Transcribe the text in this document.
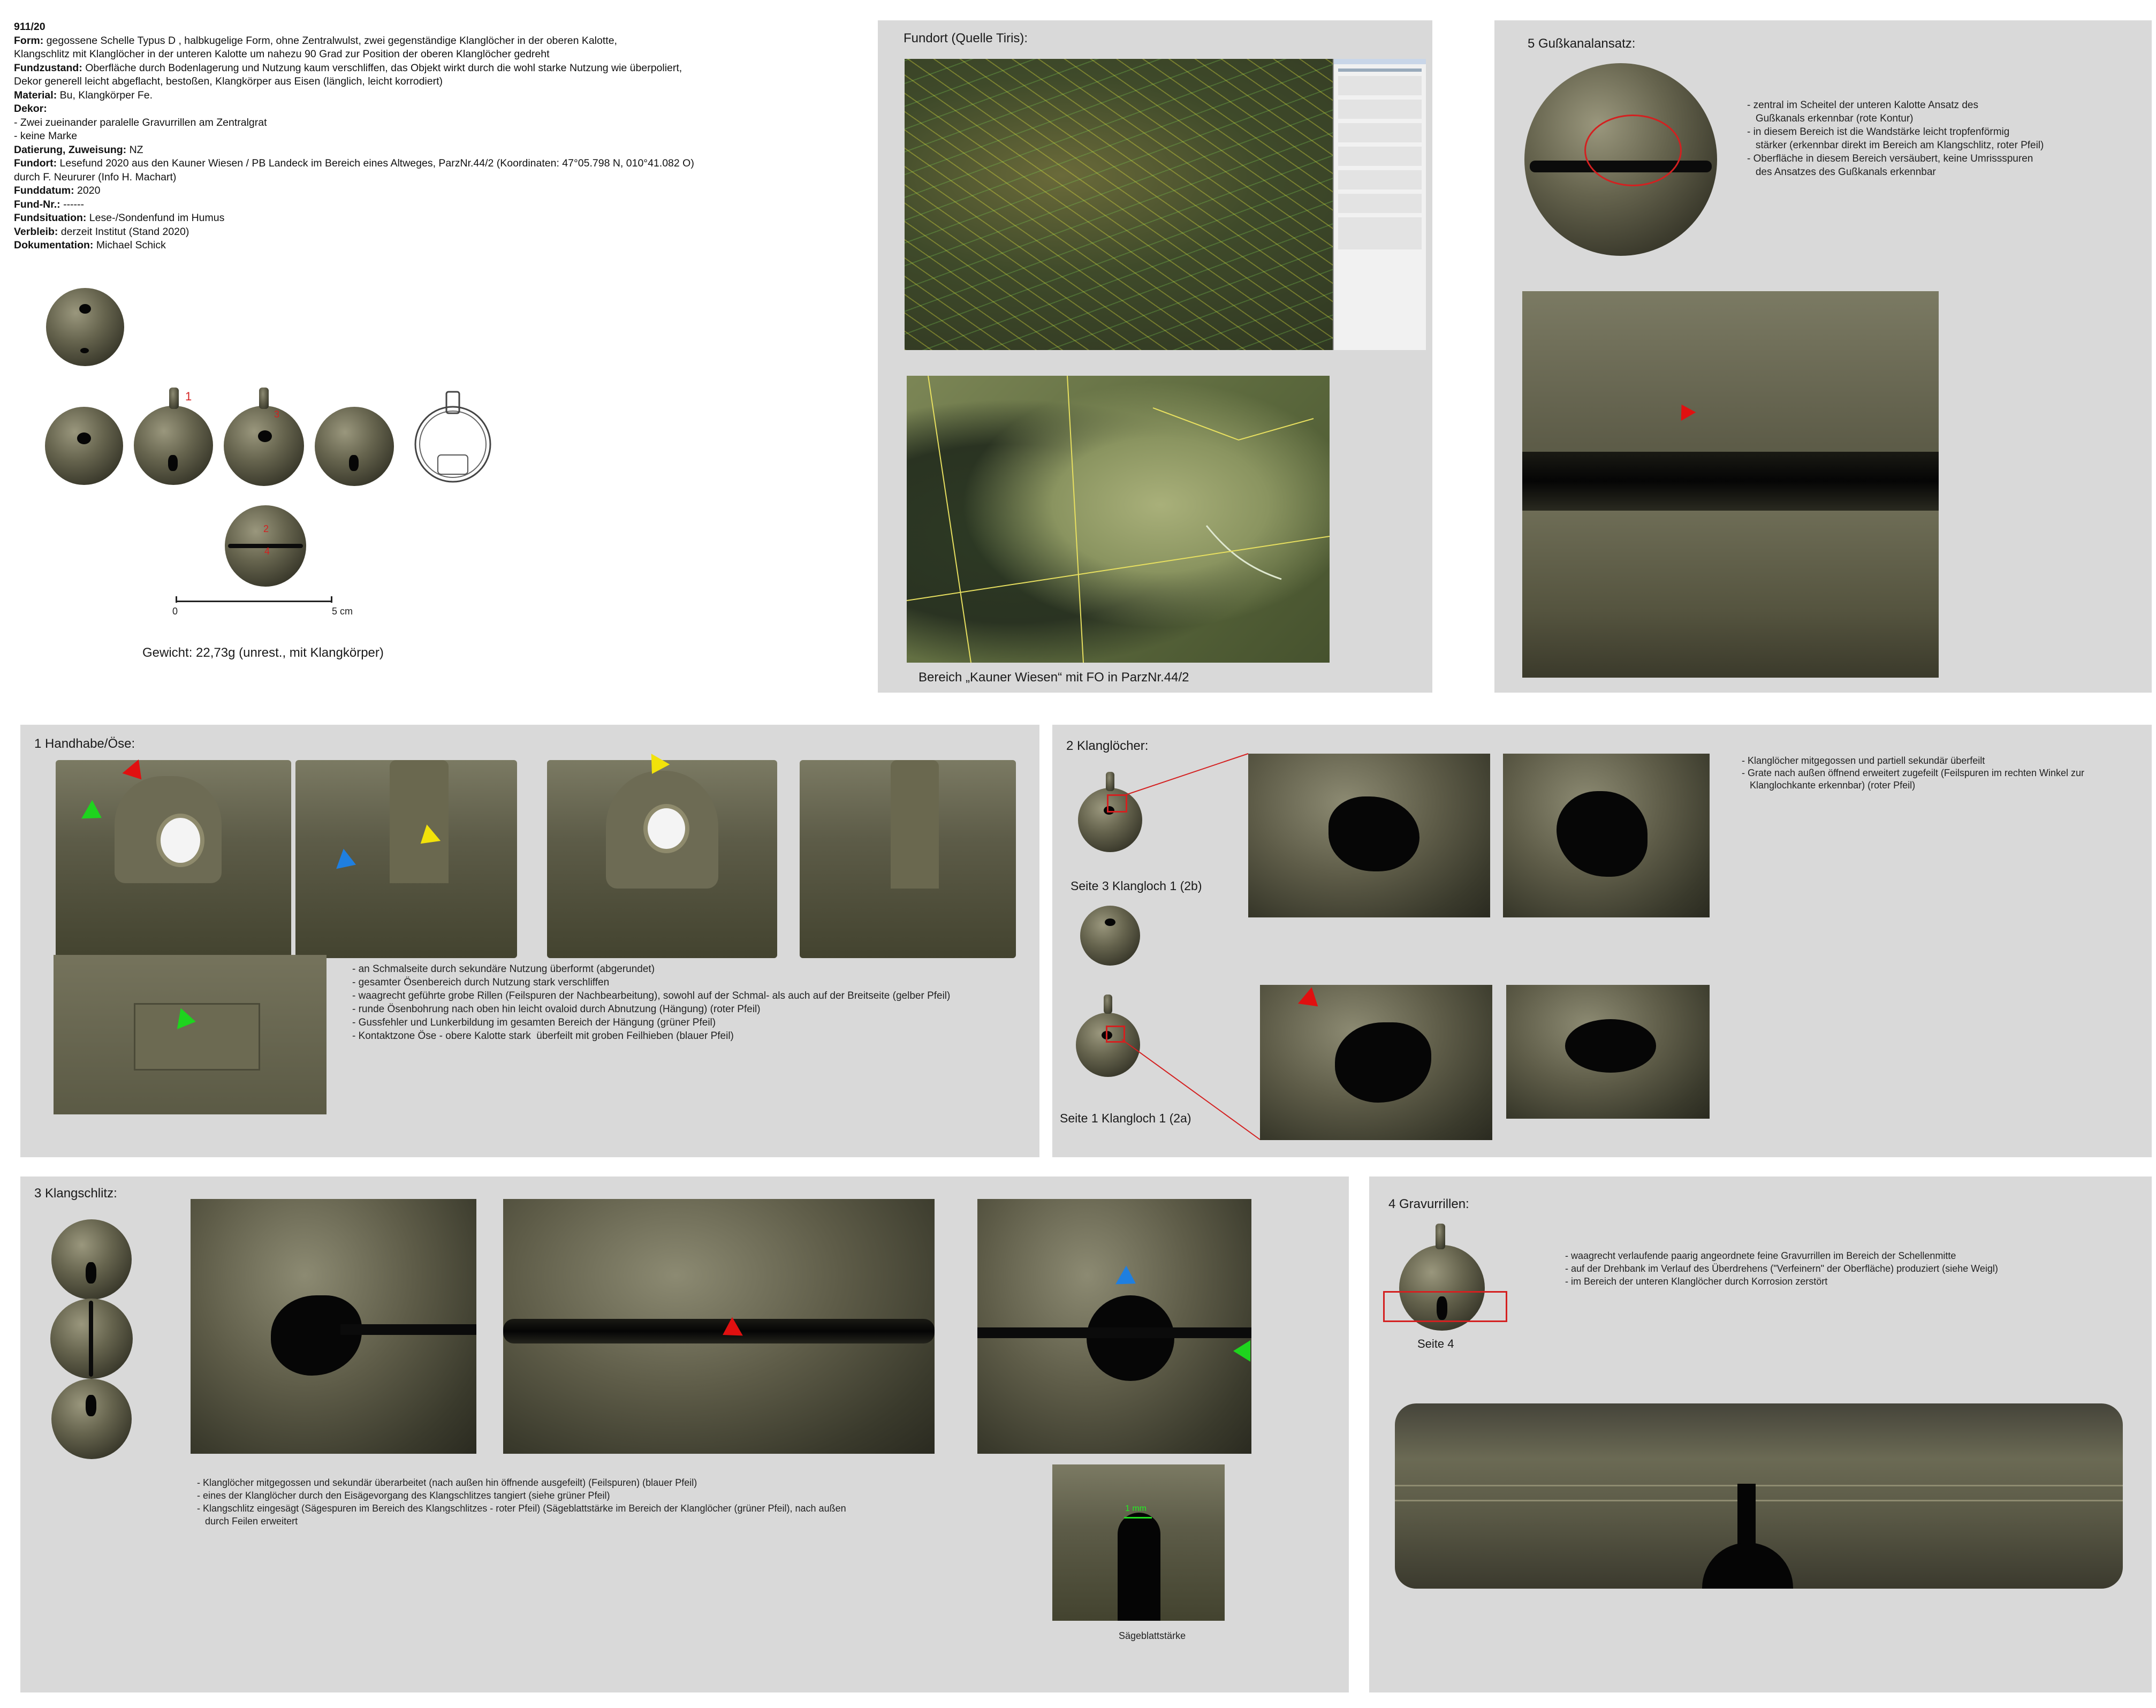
911/20
Form: gegossene Schelle Typus D , halbkugelige Form, ohne Zentralwulst, zwei gegenständige Klanglöcher in der oberen Kalotte,
Klangschlitz mit Klanglöcher in der unteren Kalotte um nahezu 90 Grad zur Position der oberen Klanglöcher gedreht
Fundzustand: Oberfläche durch Bodenlagerung und Nutzung kaum verschliffen, das Objekt wirkt durch die wohl starke Nutzung wie überpoliert,
Dekor generell leicht abgeflacht, bestoßen, Klangkörper aus Eisen (länglich, leicht korrodiert)
Material: Bu, Klangkörper Fe.
Dekor:
- Zwei zueinander paralelle Gravurrillen am Zentralgrat
- keine Marke
Datierung, Zuweisung: NZ
Fundort: Lesefund 2020 aus den Kauner Wiesen / PB Landeck im Bereich eines Altweges, ParzNr.44/2 (Koordinaten: 47°05.798 N, 010°41.082 O)
durch F. Neururer (Info H. Machart)
Funddatum: 2020
Fund-Nr.: ------
Fundsituation: Lese-/Sondenfund im Humus
Verbleib: derzeit Institut (Stand 2020)
Dokumentation: Michael Schick
1
3
2
4
0	5 cm
Gewicht: 22,73g (unrest., mit Klangkörper)
Fundort (Quelle Tiris):
Bereich „Kauner Wiesen“ mit FO in ParzNr.44/2
5 Gußkanalansatz:
- zentral im Scheitel der unteren Kalotte Ansatz des
Gußkanals erkennbar (rote Kontur)
- in diesem Bereich ist die Wandstärke leicht tropfenförmig
stärker (erkennbar direkt im Bereich am Klangschlitz, roter Pfeil)
- Oberfläche in diesem Bereich versäubert, keine Umrissspuren
des Ansatzes des Gußkanals erkennbar
1 Handhabe/Öse:
- an Schmalseite durch sekundäre Nutzung überformt (abgerundet)
- gesamter Ösenbereich durch Nutzung stark verschliffen
- waagrecht geführte grobe Rillen (Feilspuren der Nachbearbeitung), sowohl auf der Schmal- als auch auf der Breitseite (gelber Pfeil)
- runde Ösenbohrung nach oben hin leicht ovaloid durch Abnutzung (Hängung) (roter Pfeil)
- Gussfehler und Lunkerbildung im gesamten Bereich der Hängung (grüner Pfeil)
- Kontaktzone Öse - obere Kalotte stark  überfeilt mit groben Feilhieben (blauer Pfeil)
2 Klanglöcher:
Seite 3 Klangloch 1 (2b)
Seite 1 Klangloch 1 (2a)
- Klanglöcher mitgegossen und partiell sekundär überfeilt
- Grate nach außen öffnend erweitert zugefeilt (Feilspuren im rechten Winkel zur
Klanglochkante erkennbar) (roter Pfeil)
3 Klangschlitz:
- Klanglöcher mitgegossen und sekundär überarbeitet (nach außen hin öffnende ausgefeilt) (Feilspuren) (blauer Pfeil)
- eines der Klanglöcher durch den Eisägevorgang des Klangschlitzes tangiert (siehe grüner Pfeil)
- Klangschlitz eingesägt (Sägespuren im Bereich des Klangschlitzes - roter Pfeil) (Sägeblattstärke im Bereich der Klanglöcher (grüner Pfeil), nach außen
durch Feilen erweitert
1 mm
Sägeblattstärke
4 Gravurrillen:
Seite 4
- waagrecht verlaufende paarig angeordnete feine Gravurrillen im Bereich der Schellenmitte
- auf der Drehbank im Verlauf des Überdrehens ("Verfeinern" der Oberfläche) produziert (siehe Weigl)
- im Bereich der unteren Klanglöcher durch Korrosion zerstört
